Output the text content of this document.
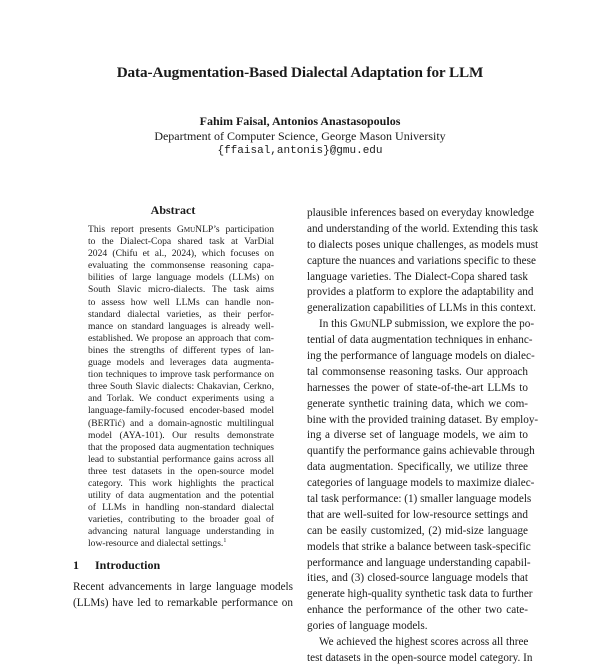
Data-Augmentation-Based Dialectal Adaptation for LLM
Fahim Faisal, Antonios Anastasopoulos
Department of Computer Science, George Mason University
{ffaisal,antonis}@gmu.edu
Abstract
This report presents GmuNLP’s participation
to the Dialect-Copa shared task at VarDial
2024 (Chifu et al., 2024), which focuses on
evaluating the commonsense reasoning capa-
bilities of large language models (LLMs) on
South Slavic micro-dialects. The task aims
to assess how well LLMs can handle non-
standard dialectal varieties, as their perfor-
mance on standard languages is already well-
established. We propose an approach that com-
bines the strengths of different types of lan-
guage models and leverages data augmenta-
tion techniques to improve task performance on
three South Slavic dialects: Chakavian, Cerkno,
and Torlak. We conduct experiments using a
language-family-focused encoder-based model
(BERTić) and a domain-agnostic multilingual
model (AYA-101). Our results demonstrate
that the proposed data augmentation techniques
lead to substantial performance gains across all
three test datasets in the open-source model
category. This work highlights the practical
utility of data augmentation and the potential
of LLMs in handling non-standard dialectal
varieties, contributing to the broader goal of
advancing natural language understanding in
low-resource and dialectal settings.$^1$
1 Introduction
Recent advancements in large language models
(LLMs) have led to remarkable performance on
plausible inferences based on everyday knowledge
and understanding of the world. Extending this task
to dialects poses unique challenges, as models must
capture the nuances and variations specific to these
language varieties. The Dialect-Copa shared task
provides a platform to explore the adaptability and
generalization capabilities of LLMs in this context.
In this GmuNLP submission, we explore the po-
tential of data augmentation techniques in enhanc-
ing the performance of language models on dialec-
tal commonsense reasoning tasks. Our approach
harnesses the power of state-of-the-art LLMs to
generate synthetic training data, which we com-
bine with the provided training dataset. By employ-
ing a diverse set of language models, we aim to
quantify the performance gains achievable through
data augmentation. Specifically, we utilize three
categories of language models to maximize dialec-
tal task performance: (1) smaller language models
that are well-suited for low-resource settings and
can be easily customized, (2) mid-size language
models that strike a balance between task-specific
performance and language understanding capabil-
ities, and (3) closed-source language models that
generate high-quality synthetic task data to further
enhance the performance of the other two cate-
gories of language models.
We achieved the highest scores across all three
test datasets in the open-source model category. In
